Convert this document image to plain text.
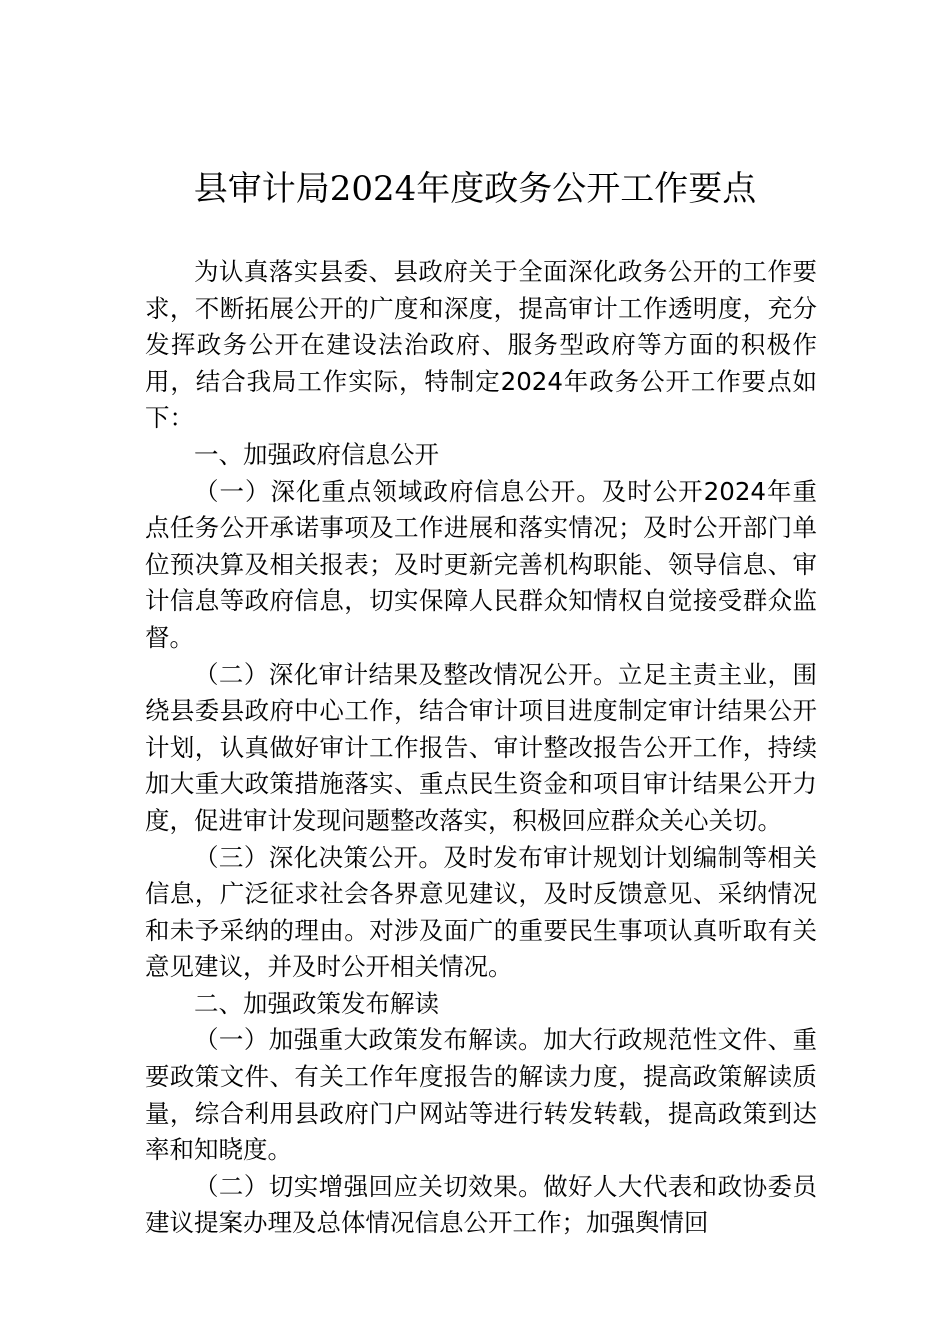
县审计局2024年度政务公开工作要点

为认真落实县委、县政府关于全面深化政务公开的工作要求，不断拓展公开的广度和深度，提高审计工作透明度，充分发挥政务公开在建设法治政府、服务型政府等方面的积极作用，结合我局工作实际，特制定2024年政务公开工作要点如下：

一、加强政府信息公开

（一）深化重点领域政府信息公开。及时公开2024年重点任务公开承诺事项及工作进展和落实情况；及时公开部门单位预决算及相关报表；及时更新完善机构职能、领导信息、审计信息等政府信息，切实保障人民群众知情权自觉接受群众监督。

（二）深化审计结果及整改情况公开。立足主责主业，围绕县委县政府中心工作，结合审计项目进度制定审计结果公开计划，认真做好审计工作报告、审计整改报告公开工作，持续加大重大政策措施落实、重点民生资金和项目审计结果公开力度，促进审计发现问题整改落实，积极回应群众关心关切。

（三）深化决策公开。及时发布审计规划计划编制等相关信息，广泛征求社会各界意见建议，及时反馈意见、采纳情况和未予采纳的理由。对涉及面广的重要民生事项认真听取有关意见建议，并及时公开相关情况。

二、加强政策发布解读

（一）加强重大政策发布解读。加大行政规范性文件、重要政策文件、有关工作年度报告的解读力度，提高政策解读质量，综合利用县政府门户网站等进行转发转载，提高政策到达率和知晓度。

（二）切实增强回应关切效果。做好人大代表和政协委员建议提案办理及总体情况信息公开工作；加强舆情回
